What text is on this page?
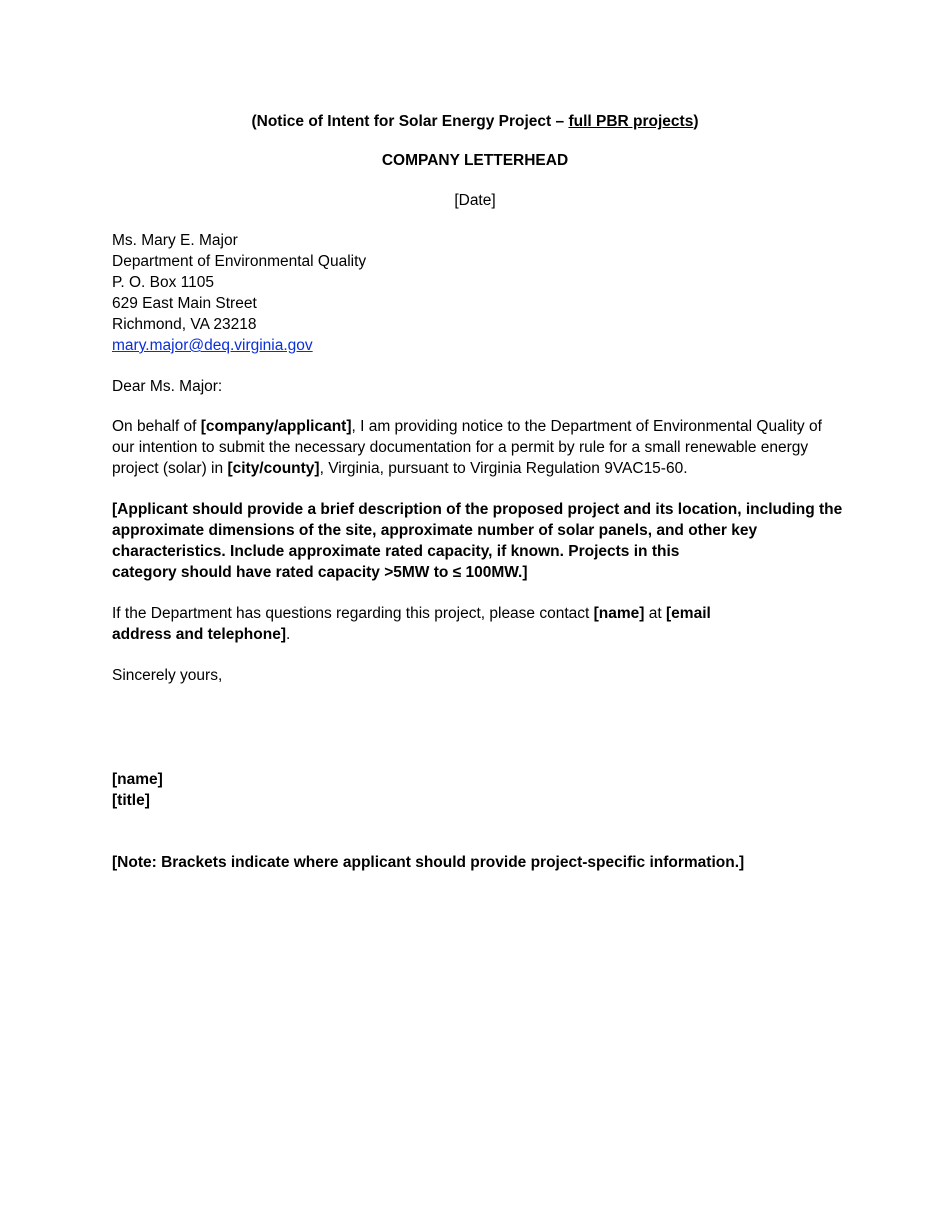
(Notice of Intent for Solar Energy Project – full PBR projects)

COMPANY LETTERHEAD

[Date]

Ms. Mary E. Major
Department of Environmental Quality
P. O. Box 1105
629 East Main Street
Richmond, VA 23218
mary.major@deq.virginia.gov

Dear Ms. Major:

On behalf of [company/applicant], I am providing notice to the Department of Environmental Quality of
our intention to submit the necessary documentation for a permit by rule for a small renewable energy
project (solar) in [city/county], Virginia, pursuant to Virginia Regulation 9VAC15-60.
[Applicant should provide a brief description of the proposed project and its location, including the
approximate dimensions of the site, approximate number of solar panels, and other key
characteristics. Include approximate rated capacity, if known. Projects in this
category should have rated capacity >5MW to ≤ 100MW.]
If the Department has questions regarding this project, please contact [name] at [email
address and telephone].

Sincerely yours,

[name]
[title]

[Note: Brackets indicate where applicant should provide project-specific information.]
